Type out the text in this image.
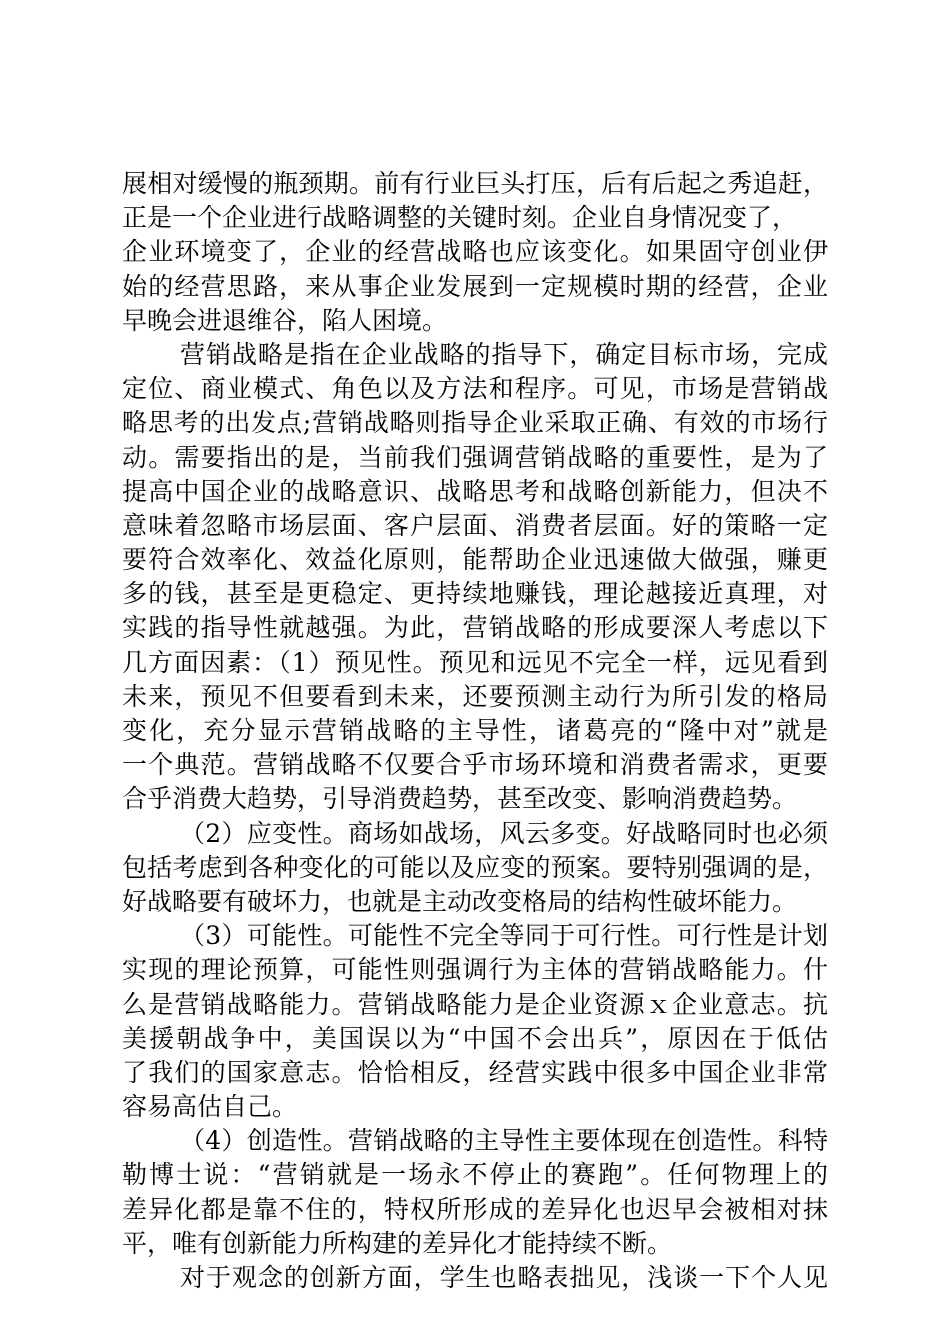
展相对缓慢的瓶颈期。前有行业巨头打压，后有后起之秀追赶，
正是一个企业进行战略调整的关键时刻。企业自身情况变了，
企业环境变了，企业的经营战略也应该变化。如果固守创业伊
始的经营思路，来从事企业发展到一定规模时期的经营，企业
早晚会进退维谷，陷人困境。
营销战略是指在企业战略的指导下，确定目标市场，完成
定位、商业模式、角色以及方法和程序。可见，市场是营销战
略思考的出发点;营销战略则指导企业采取正确、有效的市场行
动。需要指出的是，当前我们强调营销战略的重要性，是为了
提高中国企业的战略意识、战略思考和战略创新能力，但决不
意味着忽略市场层面、客户层面、消费者层面。好的策略一定
要符合效率化、效益化原则，能帮助企业迅速做大做强，赚更
多的钱，甚至是更稳定、更持续地赚钱，理论越接近真理，对
实践的指导性就越强。为此，营销战略的形成要深人考虑以下
几方面因素：（1）预见性。预见和远见不完全一样，远见看到
未来，预见不但要看到未来，还要预测主动行为所引发的格局
变化，充分显示营销战略的主导性，诸葛亮的“隆中对”就是
一个典范。营销战略不仅要合乎市场环境和消费者需求，更要
合乎消费大趋势，引导消费趋势，甚至改变、影响消费趋势。
（2）应变性。商场如战场，风云多变。好战略同时也必须
包括考虑到各种变化的可能以及应变的预案。要特别强调的是，
好战略要有破坏力，也就是主动改变格局的结构性破坏能力。
（3）可能性。可能性不完全等同于可行性。可行性是计划
实现的理论预算，可能性则强调行为主体的营销战略能力。什
么是营销战略能力。营销战略能力是企业资源ｘ企业意志。抗
美援朝战争中，美国误以为“中国不会出兵”，原因在于低估
了我们的国家意志。恰恰相反，经营实践中很多中国企业非常
容易高估自己。
（4）创造性。营销战略的主导性主要体现在创造性。科特
勒博士说：“营销就是一场永不停止的赛跑”。任何物理上的
差异化都是靠不住的，特权所形成的差异化也迟早会被相对抹
平，唯有创新能力所构建的差异化才能持续不断。
对于观念的创新方面，学生也略表拙见，浅谈一下个人见
